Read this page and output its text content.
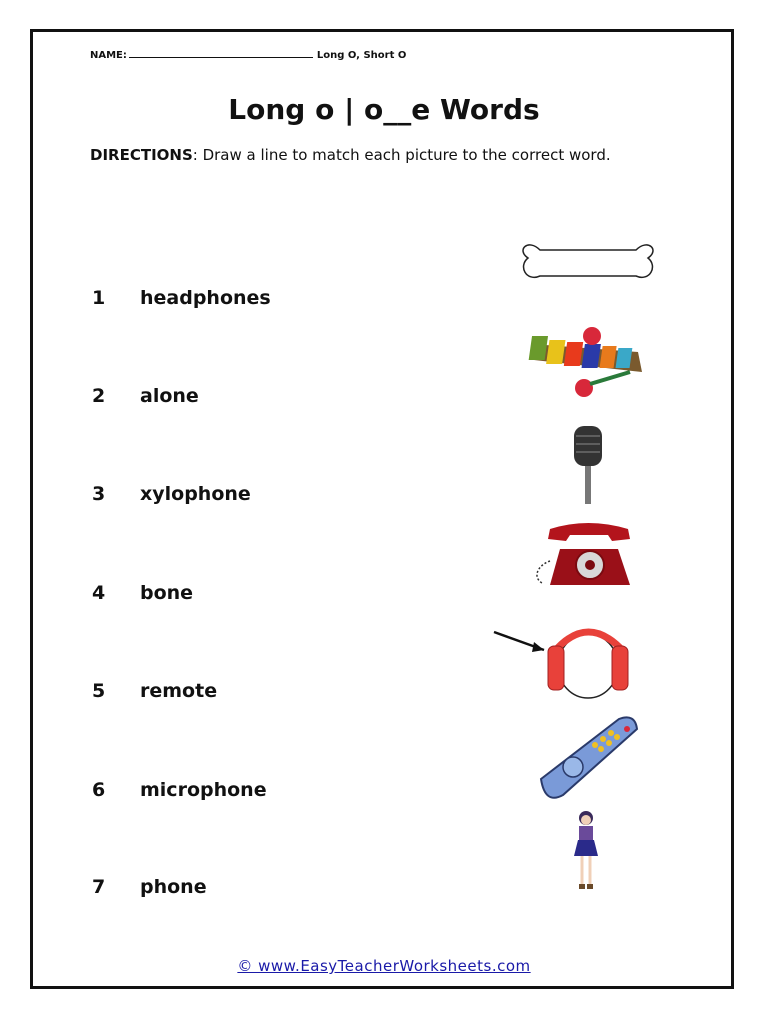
NAME:	Long O, Short O
Long o | o__e Words
DIRECTIONS: Draw a line to match each picture to the correct word.
1 headphones
2 alone
3 xylophone
4 bone
5 remote
6 microphone
7 phone
© www.EasyTeacherWorksheets.com
